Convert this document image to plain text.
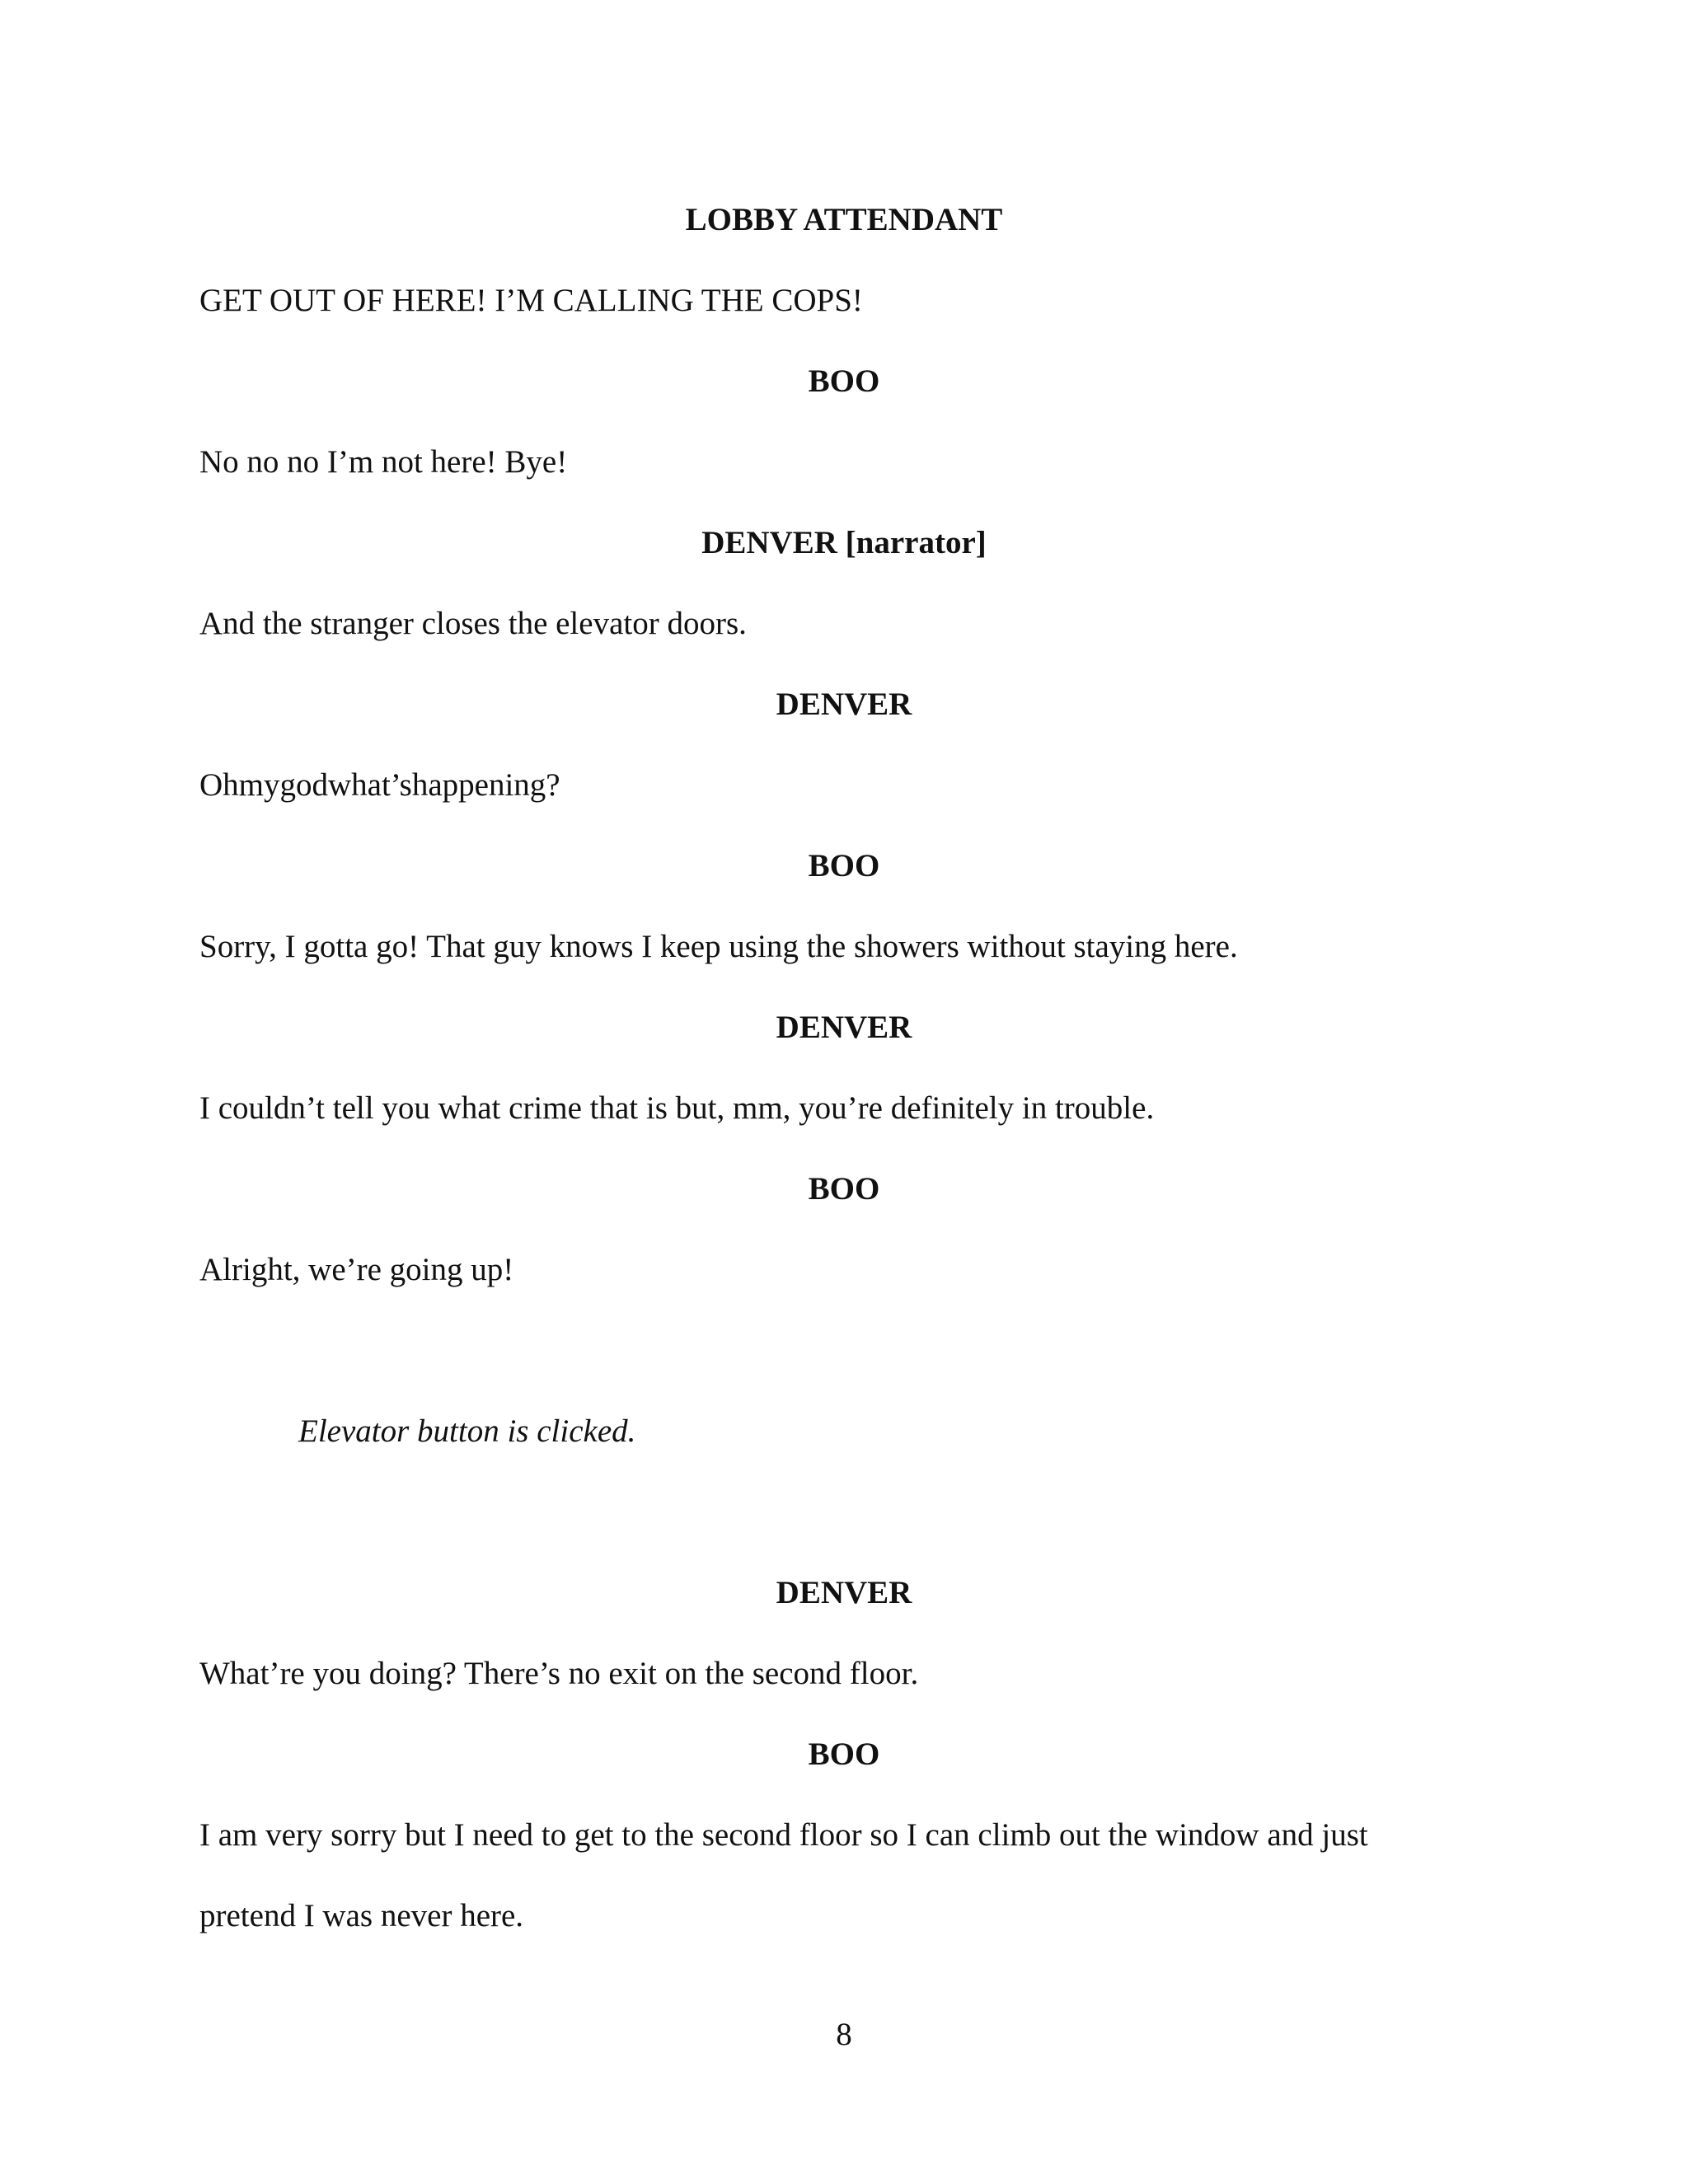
LOBBY ATTENDANT

GET OUT OF HERE! I’M CALLING THE COPS!

BOO

No no no I’m not here! Bye!

DENVER [narrator]

And the stranger closes the elevator doors.

DENVER

Ohmygodwhat’shappening?

BOO

Sorry, I gotta go! That guy knows I keep using the showers without staying here.

DENVER

I couldn’t tell you what crime that is but, mm, you’re definitely in trouble.

BOO

Alright, we’re going up!

Elevator button is clicked.

DENVER

What’re you doing? There’s no exit on the second floor.

BOO

I am very sorry but I need to get to the second floor so I can climb out the window and just

pretend I was never here.

8
